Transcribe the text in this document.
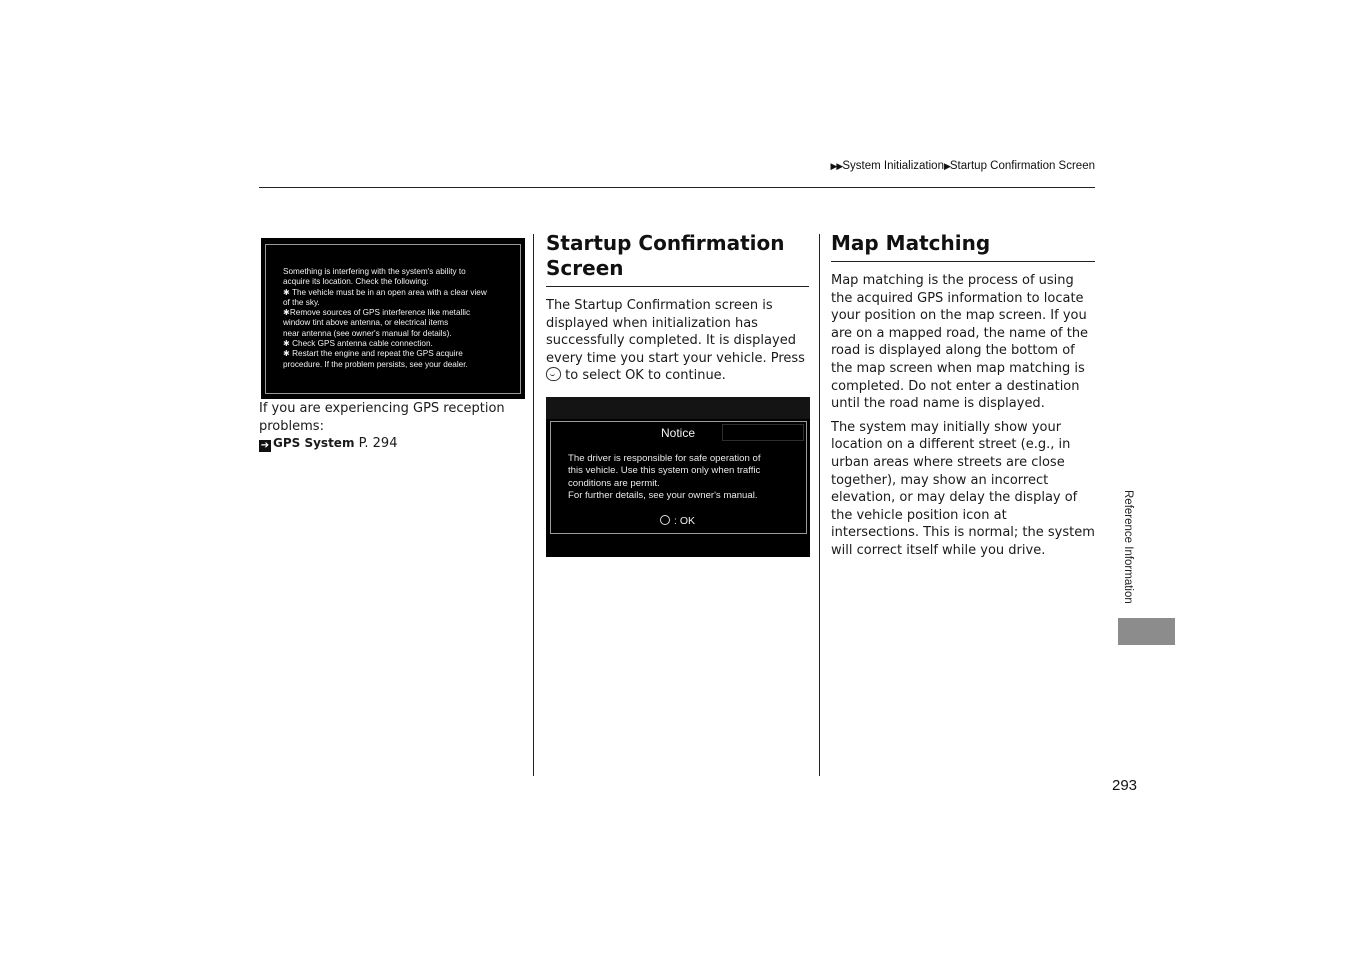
▶▶System Initialization▶Startup Confirmation Screen
Something is interfering with the system's ability to
acquire its location. Check the following:
✱ The vehicle must be in an open area with a clear view
of the sky.
✱Remove sources of GPS interference like metallic
window tint above antenna, or electrical items
near antenna (see owner's manual for details).
✱ Check GPS antenna cable connection.
✱ Restart the engine and repeat the GPS acquire
procedure. If the problem persists, see your dealer.
If you are experiencing GPS reception problems:
➔ GPS System P. 294
Startup Confirmation
Screen

The Startup Confirmation screen is displayed when initialization has successfully completed. It is displayed every time you start your vehicle. Press  to select OK to continue.

Notice
The driver is responsible for safe operation of
this vehicle. Use this system only when traffic
conditions are permit.
For further details, see your owner's manual.
: OK
Map Matching

Map matching is the process of using the acquired GPS information to locate your position on the map screen. If you are on a mapped road, the name of the road is displayed along the bottom of the map screen when map matching is completed. Do not enter a destination until the road name is displayed.

The system may initially show your location on a different street (e.g., in urban areas where streets are close together), may show an incorrect elevation, or may delay the display of the vehicle position icon at intersections. This is normal; the system will correct itself while you drive.	Reference Information
293
